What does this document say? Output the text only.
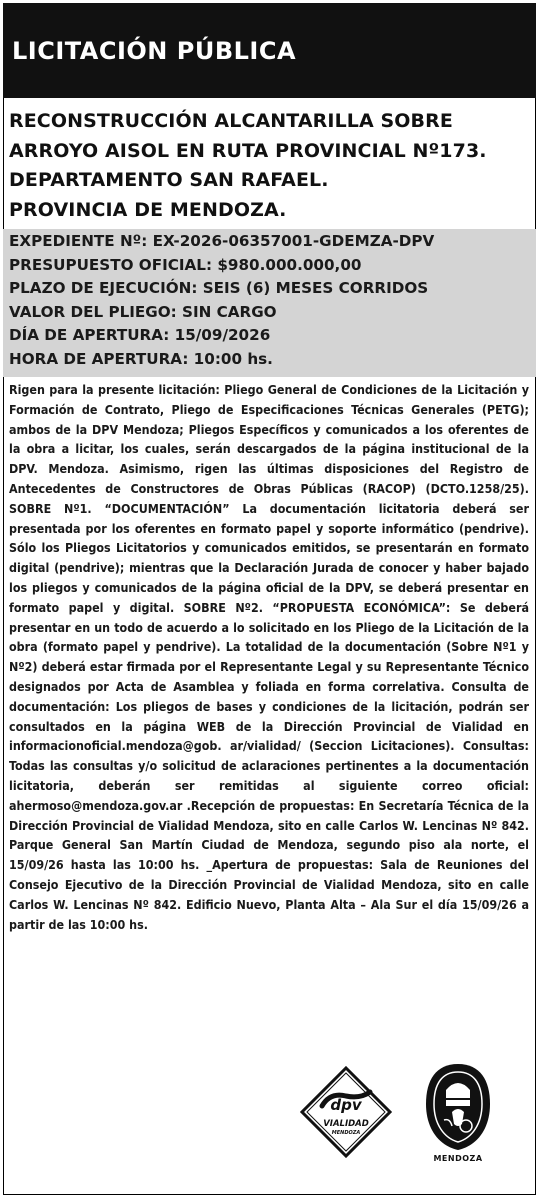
LICITACIÓN PÚBLICA
RECONSTRUCCIÓN ALCANTARILLA SOBRE
ARROYO AISOL EN RUTA PROVINCIAL Nº173.
DEPARTAMENTO SAN RAFAEL.
PROVINCIA DE MENDOZA.
EXPEDIENTE Nº: EX-2026-06357001-GDEMZA-DPV
PRESUPUESTO OFICIAL: $980.000.000,00
PLAZO DE EJECUCIÓN: SEIS (6) MESES CORRIDOS
VALOR DEL PLIEGO: SIN CARGO
DÍA DE APERTURA: 15/09/2026
HORA DE APERTURA: 10:00 hs.
Rigen para la presente licitación: Pliego General de Condiciones de la Licitación y Formación de Contrato, Pliego de Especificaciones Técnicas Generales (PETG); ambos de la DPV Mendoza; Pliegos Específicos y comunicados a los oferentes de la obra a licitar, los cuales, serán descargados de la página institucional de la DPV. Mendoza. Asimismo, rigen las últimas disposiciones del Registro de Antecedentes de Constructores de Obras Públicas (RACOP) (DCTO.1258/25). SOBRE Nº1. “DOCUMENTACIÓN” La documentación licitatoria deberá ser presentada por los oferentes en formato papel y soporte informático (pendrive). Sólo los Pliegos Licitatorios y comunicados emitidos, se presentarán en formato digital (pendrive); mientras que la Declaración Jurada de conocer y haber bajado los pliegos y comunicados de la página oficial de la DPV, se deberá presentar en formato papel y digital. SOBRE Nº2. “PROPUESTA ECONÓMICA”: Se deberá presentar en un todo de acuerdo a lo solicitado en los Pliego de la Licitación de la obra (formato papel y pendrive). La totalidad de la documentación (Sobre Nº1 y Nº2) deberá estar firmada por el Representante Legal y su Representante Técnico designados por Acta de Asamblea y foliada en forma correlativa. Consulta de documentación: Los pliegos de bases y condiciones de la licitación, podrán ser consultados en la página WEB de la Dirección Provincial de Vialidad en informacionoficial.mendoza@gob. ar/vialidad/ (Seccion Licitaciones). Consultas: Todas las consultas y/o solicitud de aclaraciones pertinentes a la documentación licitatoria, deberán ser remitidas al siguiente correo oficial: ahermoso@mendoza.gov.ar .Recepción de propuestas: En Secretaría Técnica de la Dirección Provincial de Vialidad Mendoza, sito en calle Carlos W. Lencinas Nº 842. Parque General San Martín Ciudad de Mendoza, segundo piso ala norte, el 15/09/26 hasta las 10:00 hs. _Apertura de propuestas: Sala de Reuniones del Consejo Ejecutivo de la Dirección Provincial de Vialidad Mendoza, sito en calle Carlos W. Lencinas Nº 842. Edificio Nuevo, Planta Alta – Ala Sur el día 15/09/26 a partir de las 10:00 hs.
dpv
VIALIDAD
MENDOZA
MENDOZA
